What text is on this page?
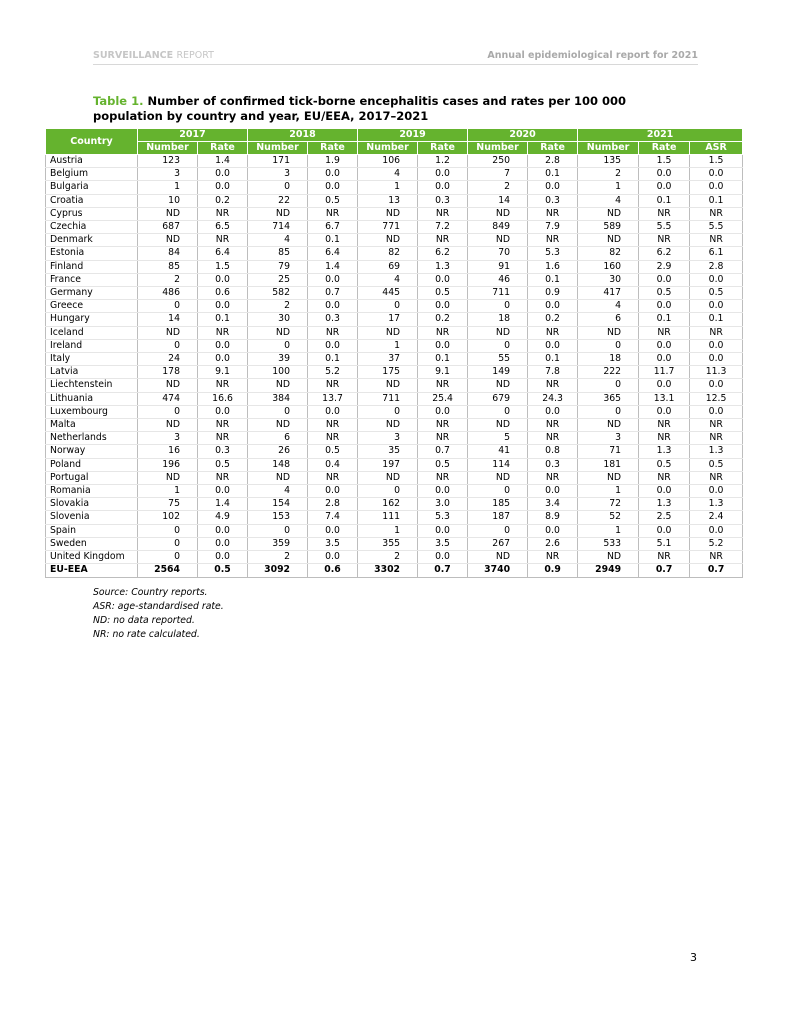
SURVEILLANCE REPORT	Annual epidemiological report for 2021
Table 1. Number of confirmed tick-borne encephalitis cases and rates per 100 000 population by country and year, EU/EEA, 2017–2021
Country	2017		2018		2019		2020		2021		
	Number	Rate	Number	Rate	Number	Rate	Number	Rate	Number	Rate	ASR
Austria	123	1.4	171	1.9	106	1.2	250	2.8	135	1.5	1.5
Belgium	3	0.0	3	0.0	4	0.0	7	0.1	2	0.0	0.0
Bulgaria	1	0.0	0	0.0	1	0.0	2	0.0	1	0.0	0.0
Croatia	10	0.2	22	0.5	13	0.3	14	0.3	4	0.1	0.1
Cyprus	ND	NR	ND	NR	ND	NR	ND	NR	ND	NR	NR
Czechia	687	6.5	714	6.7	771	7.2	849	7.9	589	5.5	5.5
Denmark	ND	NR	4	0.1	ND	NR	ND	NR	ND	NR	NR
Estonia	84	6.4	85	6.4	82	6.2	70	5.3	82	6.2	6.1
Finland	85	1.5	79	1.4	69	1.3	91	1.6	160	2.9	2.8
France	2	0.0	25	0.0	4	0.0	46	0.1	30	0.0	0.0
Germany	486	0.6	582	0.7	445	0.5	711	0.9	417	0.5	0.5
Greece	0	0.0	2	0.0	0	0.0	0	0.0	4	0.0	0.0
Hungary	14	0.1	30	0.3	17	0.2	18	0.2	6	0.1	0.1
Iceland	ND	NR	ND	NR	ND	NR	ND	NR	ND	NR	NR
Ireland	0	0.0	0	0.0	1	0.0	0	0.0	0	0.0	0.0
Italy	24	0.0	39	0.1	37	0.1	55	0.1	18	0.0	0.0
Latvia	178	9.1	100	5.2	175	9.1	149	7.8	222	11.7	11.3
Liechtenstein	ND	NR	ND	NR	ND	NR	ND	NR	0	0.0	0.0
Lithuania	474	16.6	384	13.7	711	25.4	679	24.3	365	13.1	12.5
Luxembourg	0	0.0	0	0.0	0	0.0	0	0.0	0	0.0	0.0
Malta	ND	NR	ND	NR	ND	NR	ND	NR	ND	NR	NR
Netherlands	3	NR	6	NR	3	NR	5	NR	3	NR	NR
Norway	16	0.3	26	0.5	35	0.7	41	0.8	71	1.3	1.3
Poland	196	0.5	148	0.4	197	0.5	114	0.3	181	0.5	0.5
Portugal	ND	NR	ND	NR	ND	NR	ND	NR	ND	NR	NR
Romania	1	0.0	4	0.0	0	0.0	0	0.0	1	0.0	0.0
Slovakia	75	1.4	154	2.8	162	3.0	185	3.4	72	1.3	1.3
Slovenia	102	4.9	153	7.4	111	5.3	187	8.9	52	2.5	2.4
Spain	0	0.0	0	0.0	1	0.0	0	0.0	1	0.0	0.0
Sweden	0	0.0	359	3.5	355	3.5	267	2.6	533	5.1	5.2
United Kingdom	0	0.0	2	0.0	2	0.0	ND	NR	ND	NR	NR
EU-EEA	2564	0.5	3092	0.6	3302	0.7	3740	0.9	2949	0.7	0.7
Source: Country reports.
ASR: age-standardised rate.
ND: no data reported.
NR: no rate calculated.
3
